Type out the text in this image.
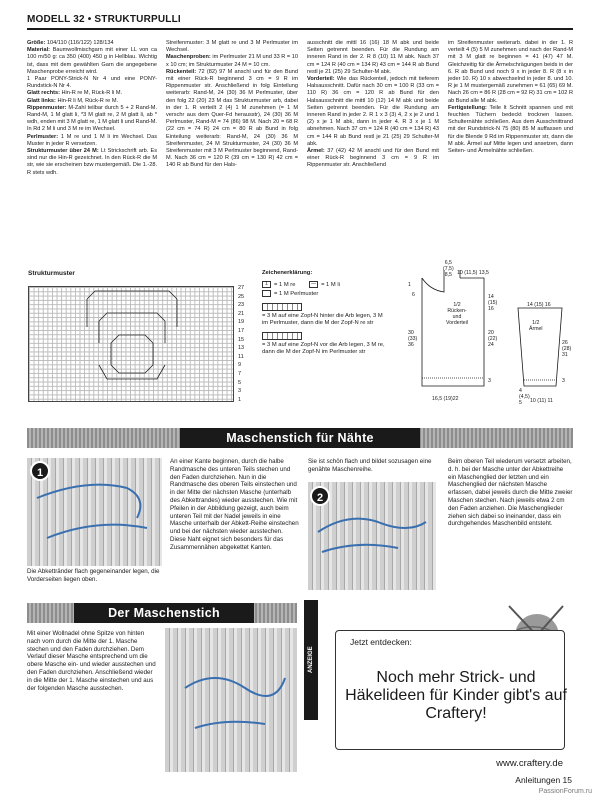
MODELL 32 • STRUKTURPULLI

Größe: 104/110 (116/122) 128/134

Material: Baumwollmischgarn mit einer LL von ca 100 m/50 g: ca 350 (400) 450 g in Hellblau. Wichtig ist, dass mit dem gewählten Garn die angegebene Maschenprobe erreicht wird.

1 Paar PONY-Strick-N Nr 4 und eine PONY-Rundstick-N Nr 4.

Glatt rechts: Hin-R re M, Rück-R li M.

Glatt links: Hin-R li M, Rück-R re M.

Rippenmuster: M-Zahl teilbar durch 5 + 2 Rand-M. Rand-M, 1 M glatt li, *3 M glatt re, 2 M glatt li, ab * wdh, enden mit 3 M glatt re, 1 M glatt li und Rand-M. In Rd 2 M li und 3 M re im Wechsel.

Perlmuster: 1 M re und 1 M li im Wechsel. Das Muster in jeder R versetzen.

Strukturmuster über 24 M: Lt Strickschrift arb. Es sind nur die Hin-R gezeichnet. In den Rück-R die M str, wie sie erscheinen bzw mustergemäß. Die 1.-28. R stets wdh.

Streifenmuster: 3 M glatt re und 3 M Perlmuster im Wechsel.

Maschenproben: im Perlmuster 21 M und 33 R = 10 x 10 cm; im Strukturmuster 24 M = 10 cm.

Rückenteil: 72 (82) 97 M anschl und für den Bund mit einer Rück-R beginnend 3 cm = 9 R im Rippenmuster str. Anschließend in folg Einteilung weiterarb: Rand-M, 24 (30) 36 M Perlmuster, über den folg 22 (20) 23 M das Strukturmuster arb, dabei in der 1. R verteilt 2 (4) 1 M zunehmen (= 1 M verschr aus dem Quer-Fd herausstr), 24 (30) 36 M Perlmuster, Rand-M = 74 (86) 98 M. Nach 20 = 68 R (22 cm = 74 R) 24 cm = 80 R ab Bund in folg Einteilung weiterarb: Rand-M, 24 (30) 36 M Streifenmuster, 24 M Strukturmuster, 24 (30) 36 M Streifenmuster mit 3 M Perlmuster beginnend, Rand-M. Nach 36 cm = 120 R (39 cm = 130 R) 42 cm = 140 R ab Bund für den Hals-

ausschnitt die mittl 16 (16) 18 M abk und beide Seiten getrennt beenden. Für die Rundung am inneren Rand in der 2. R 8 (10) 11 M abk. Nach 37 cm = 124 R (40 cm = 134 R) 43 cm = 144 R ab Bund restl je 21 (25) 29 Schulter-M abk.

Vorderteil: Wie das Rückenteil, jedoch mit tieferem Halsausschnitt. Dafür nach 30 cm = 100 R (33 cm = 110 R) 36 cm = 120 R ab Bund für den Halsausschnitt die mittl 10 (12) 14 M abk und beide Seiten getrennt beenden. Für die Rundung am inneren Rand in jeder 2. R 1 x 3 (3) 4, 2 x je 2 und 1 (2) x je 1 M abk, dann in jeder 4. R 3 x je 1 M abnehmen. Nach 37 cm = 124 R (40 cm = 134 R) 43 cm = 144 R ab Bund restl je 21 (25) 29 Schulter-M abk.

Ärmel: 37 (42) 42 M anschl und für den Bund mit einer Rück-R beginnend 3 cm = 9 R im Rippenmuster str. Anschließend

im Streifenmuster weiterarb. dabei in der 1. R verteilt 4 (5) 5 M zunehmen und nach der Rand-M mit 3 M glatt re beginnen = 41 (47) 47 M. Gleichzeitig für die Ärmelschrägungen beids in der 6. R ab Bund und noch 9 x in jeder 8. R (8 x in jeder 10. R) 10 x abwechselnd in jeder 8. und 10. R je 1 M mustergemäß zunehmen = 61 (65) 69 M. Nach 26 cm = 86 R (28 cm = 92 R) 31 cm = 102 R ab Bund alle M abk.

Fertigstellung: Teile lt Schnitt spannen und mit feuchten Tüchern bedeckt trocknen lassen. Schulternähte schließen. Aus dem Ausschnittrand mit der Rundstrick-N 75 (80) 85 M auffassen und für die Blende 9 Rd im Rippenmuster str, dann die M abk. Ärmel auf Mitte legen und ansetzen, dann Seiten- und Ärmelnähte schließen.

Strukturmuster
27
25
23
21
19
17
15
13
11
9
7
5
3
1
Zeichenerklärung:
1 = 1 M re	— = 1 M li
= 1 M Perlmuster
= 3 M auf eine Zopf-N hinter die Arb legen, 3 M im Perlmuster, dann die M der Zopf-N re str
= 3 M auf eine Zopf-N vor die Arb legen, 3 M re, dann die M der Zopf-N im Perlmuster str
6,5
(7,5)
8,5 10 (11,5) 13,5
1
6
1/2
Rücken-
und
Vorderteil
14
(15)
16
20
(22)
24
30
(33)
36
3
16,5 (19)22
14 (15) 16
1/2
Ärmel
26
(28)
31
3
4
(4,5)
5	10 (11) 11
Maschenstich für Nähte
1
Die Abkettränder flach gegeneinander legen, die Vorderseiten liegen oben.
An einer Kante beginnen, durch die halbe Randmasche des unteren Teils stechen und den Faden durchziehen. Nun in die Randmasche des oberen Teils einstechen und in der Mitte der nächsten Masche (unterhalb des Abkettrandes) wieder ausstechen. Wie mit Pfeilen in der Abbildung gezeigt, auch beim unteren Teil mit der Nadel jeweils in eine Masche unterhalb der Abkett-Reihe einstechen und bei der nächsten wieder ausstechen. Diese Naht eignet sich besonders für das Zusammennähen abgekettet Kanten.
Sie ist schön flach und bildet sozusagen eine genähte Maschenreihe.
2
Beim oberen Teil wiederum versetzt arbeiten, d. h. bei der Masche unter der Abkettreihe ein Maschenglied der letzten und ein Maschenglied der nächsten Masche erfassen, dabei jeweils durch die Mitte zweier Maschen stechen. Nach jeweils etwa 2 cm den Faden anziehen. Die Maschenglieder ziehen sich dabei so ineinander, dass ein durchgehendes Maschenbild entsteht.
Der Maschenstich
Mit einer Wollnadel ohne Spitze von hinten nach vorn durch die Mitte der 1. Masche stechen und den Faden durchziehen. Dem Verlauf dieser Masche entsprechend um die obere Masche ein- und wieder ausstechen und den Faden durchziehen. Anschließend wieder in die Mitte der 1. Masche einstechen und aus der folgenden Masche ausstechen.
ANZEIGE
Jetzt entdecken:
Noch mehr Strick- und Häkelideen für Kinder gibt's auf Craftery!
www.craftery.de
Anleitungen 15
PassionForum.ru
